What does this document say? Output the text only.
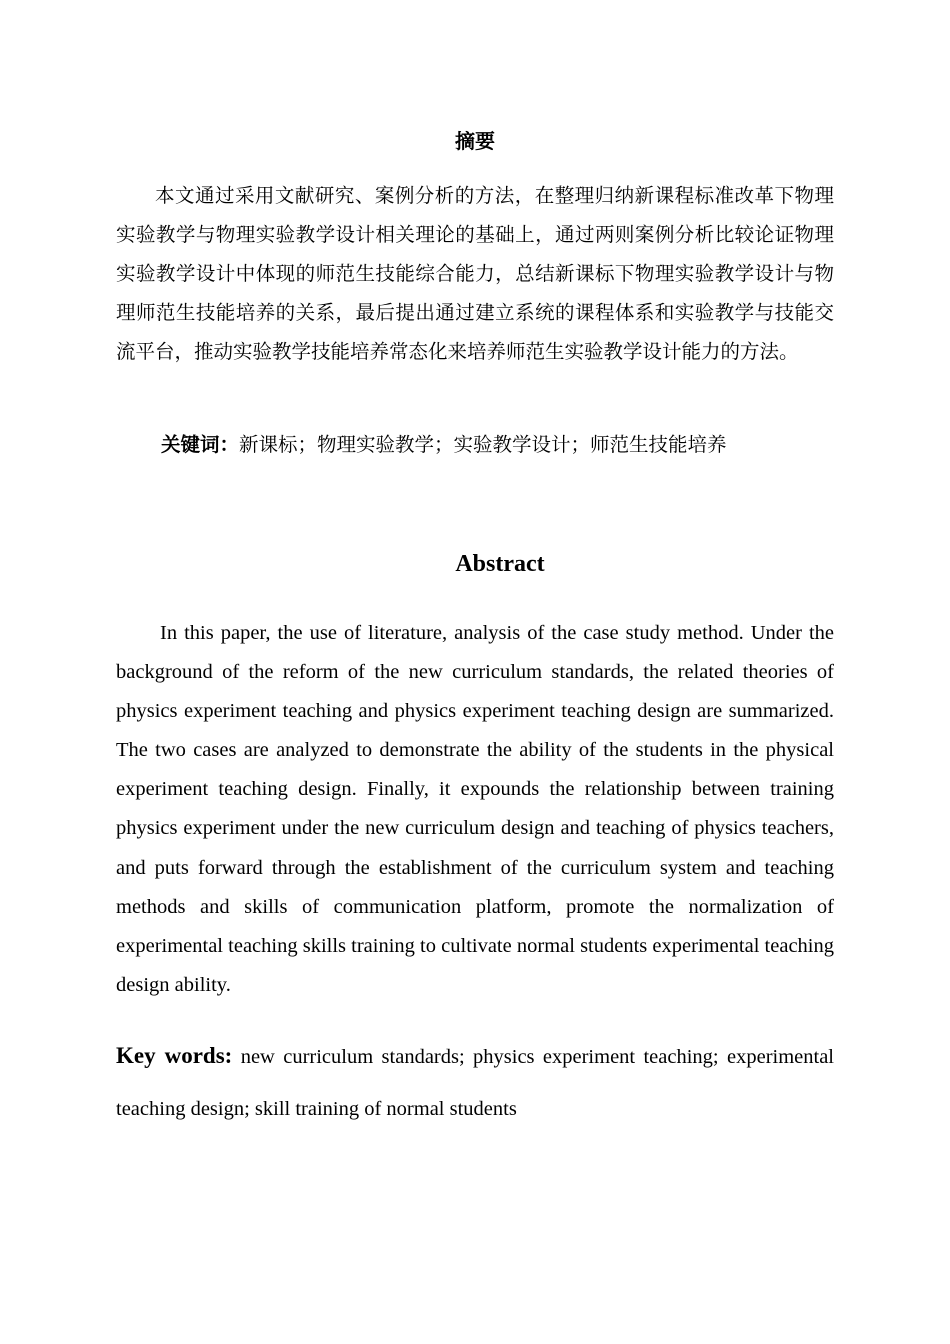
摘要

本文通过采用文献研究、案例分析的方法，在整理归纳新课程标准改革下物理实验教学与物理实验教学设计相关理论的基础上，通过两则案例分析比较论证物理实验教学设计中体现的师范生技能综合能力，总结新课标下物理实验教学设计与物理师范生技能培养的关系，最后提出通过建立系统的课程体系和实验教学与技能交流平台，推动实验教学技能培养常态化来培养师范生实验教学设计能力的方法。

关键词：新课标；物理实验教学；实验教学设计；师范生技能培养

Abstract

In this paper, the use of literature, analysis of the case study method. Under the background of the reform of the new curriculum standards, the related theories of physics experiment teaching and physics experiment teaching design are summarized. The two cases are analyzed to demonstrate the ability of the students in the physical experiment teaching design. Finally, it expounds the relationship between training physics experiment under the new curriculum design and teaching of physics teachers, and puts forward through the establishment of the curriculum system and teaching methods and skills of communication platform, promote the normalization of experimental teaching skills training to cultivate normal students experimental teaching design ability.

Key words: new curriculum standards; physics experiment teaching; experimental teaching design; skill training of normal students
